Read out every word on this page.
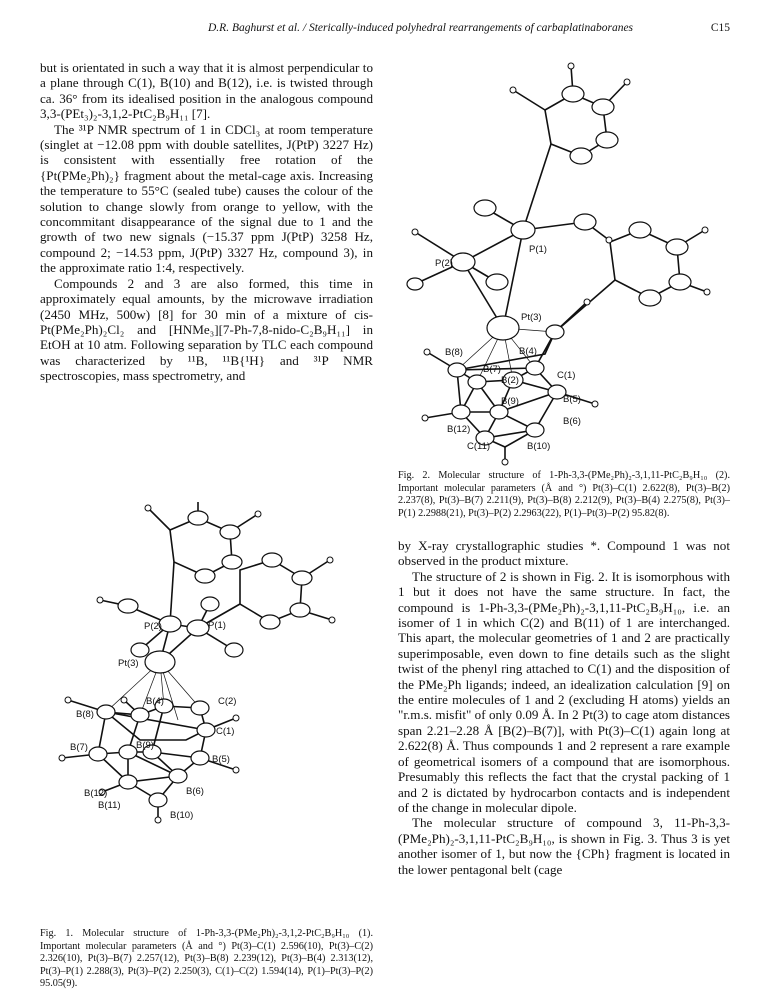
D.R. Baghurst et al. / Sterically-induced polyhedral rearrangements of carbaplatinaboranes	C15

but is orientated in such a way that it is almost perpendicular to a plane through C(1), B(10) and B(12), i.e. is twisted through ca. 36° from its idealised position in the analogous compound 3,3-(PEt₃)₂-3,1,2-PtC₂B₉H₁₁ [7].

The ³¹P NMR spectrum of 1 in CDCl₃ at room temperature (singlet at −12.08 ppm with double satellites, J(PtP) 3227 Hz) is consistent with essentially free rotation of the {Pt(PMe₂Ph)₂} fragment about the metal-cage axis. Increasing the temperature to 55°C (sealed tube) causes the colour of the solution to change slowly from orange to yellow, with the concommitant disappearance of the signal due to 1 and the growth of two new signals (−15.37 ppm J(PtP) 3258 Hz, compound 2; −14.53 ppm, J(PtP) 3327 Hz, compound 3), in the approximate ratio 1:4, respectively.

Compounds 2 and 3 are also formed, this time in approximately equal amounts, by the microwave irradiation (2450 MHz, 500w) [8] for 30 min of a mixture of cis-Pt(PMe₂Ph)₂Cl₂ and [HNMe₃][7-Ph-7,8-nido-C₂B₉H₁₁] in EtOH at 10 atm. Following separation by TLC each compound was characterized by ¹¹B, ¹¹B{¹H} and ³¹P NMR spectroscopies, mass spectrometry, and

P(1)
P(2)
Pt(3)
B(8)	B(4)
B(7)
B(2)	C(1)
B(9)	B(5)
B(6)
B(12)
C(11)	B(10)
Fig. 2. Molecular structure of 1-Ph-3,3-(PMe₂Ph)₂-3,1,11-PtC₂B₉H₁₀ (2). Important molecular parameters (Å and °) Pt(3)–C(1) 2.622(8), Pt(3)–B(2) 2.237(8), Pt(3)–B(7) 2.211(9), Pt(3)–B(8) 2.212(9), Pt(3)–B(4) 2.275(8), Pt(3)–P(1) 2.2988(21), Pt(3)–P(2) 2.2963(22), P(1)–Pt(3)–P(2) 95.82(8).
P(2)	P(1)
Pt(3)
B(8)
B(4)	C(2)
C(1)
B(7)	B(9)
B(5)
B(12)	B(6)
B(11)
B(10)
Fig. 1. Molecular structure of 1-Ph-3,3-(PMe₂Ph)₂-3,1,2-PtC₂B₉H₁₀ (1). Important molecular parameters (Å and °) Pt(3)–C(1) 2.596(10), Pt(3)–C(2) 2.326(10), Pt(3)–B(7) 2.257(12), Pt(3)–B(8) 2.239(12), Pt(3)–B(4) 2.313(12), Pt(3)–P(1) 2.288(3), Pt(3)–P(2) 2.250(3), C(1)–C(2) 1.594(14), P(1)–Pt(3)–P(2) 95.05(9).

by X-ray crystallographic studies *. Compound 1 was not observed in the product mixture.

The structure of 2 is shown in Fig. 2. It is isomorphous with 1 but it does not have the same structure. In fact, the compound is 1-Ph-3,3-(PMe₂Ph)₂-3,1,11-PtC₂B₉H₁₀, i.e. an isomer of 1 in which C(2) and B(11) of 1 are interchanged. This apart, the molecular geometries of 1 and 2 are practically superimposable, even down to fine details such as the slight twist of the phenyl ring attached to C(1) and the disposition of the PMe₂Ph ligands; indeed, an idealization calculation [9] on the entire molecules of 1 and 2 (excluding H atoms) yields an "r.m.s. misfit" of only 0.09 Å. In 2 Pt(3) to cage atom distances span 2.21–2.28 Å [B(2)–B(7)], with Pt(3)–C(1) again long at 2.622(8) Å. Thus compounds 1 and 2 represent a rare example of geometrical isomers of a compound that are isomorphous. Presumably this reflects the fact that the crystal packing of 1 and 2 is dictated by hydrocarbon contacts and is independent of the change in molecular dipole.

The molecular structure of compound 3, 11-Ph-3,3-(PMe₂Ph)₂-3,1,11-PtC₂B₉H₁₀, is shown in Fig. 3. Thus 3 is yet another isomer of 1, but now the {CPh} fragment is located in the lower pentagonal belt (cage
